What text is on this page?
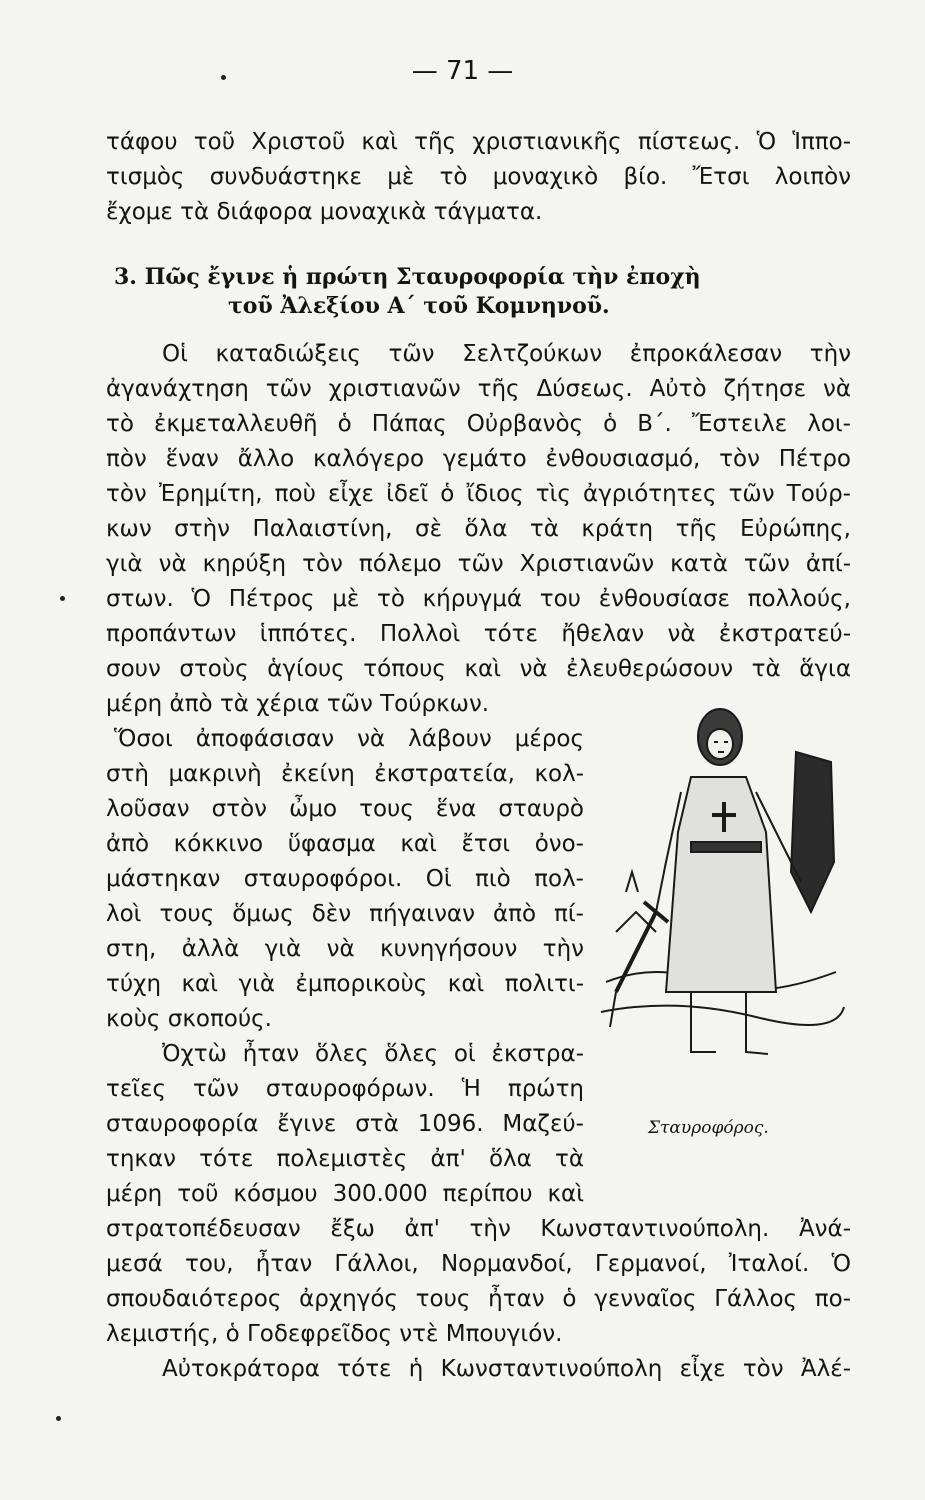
— 71 —
τάφου τοῦ Χριστοῦ καὶ τῆς χριστιανικῆς πίστεως. Ὁ Ἱππο-
τισμὸς συνδυάστηκε μὲ τὸ μοναχικὸ βίο. Ἔτσι λοιπὸν
ἔχομε τὰ διάφορα μοναχικὰ τάγματα.
3. Πῶς ἔγινε ἡ πρώτη Σταυροφορία τὴν ἐποχὴ
τοῦ Ἀλεξίου Α΄ τοῦ Κομνηνοῦ.
Οἱ καταδιώξεις τῶν Σελτζούκων ἐπροκάλεσαν τὴν
ἀγανάχτηση τῶν χριστιανῶν τῆς Δύσεως. Αὐτὸ ζήτησε νὰ
τὸ ἐκμεταλλευθῆ ὁ Πάπας Οὐρβανὸς ὁ Β΄. Ἔστειλε λοι-
πὸν ἕναν ἄλλο καλόγερο γεμάτο ἐνθουσιασμό, τὸν Πέτρο
τὸν Ἐρημίτη, ποὺ εἶχε ἰδεῖ ὁ ἴδιος τὶς ἀγριότητες τῶν Τούρ-
κων στὴν Παλαιστίνη, σὲ ὅλα τὰ κράτη τῆς Εὐρώπης,
γιὰ νὰ κηρύξη τὸν πόλεμο τῶν Χριστιανῶν κατὰ τῶν ἀπί-
στων. Ὁ Πέτρος μὲ τὸ κήρυγμά του ἐνθουσίασε πολλούς,
προπάντων ἱππότες. Πολλοὶ τότε ἤθελαν νὰ ἐκστρατεύ-
σουν στοὺς ἁγίους τόπους καὶ νὰ ἐλευθερώσουν τὰ ἅγια
μέρη ἀπὸ τὰ χέρια τῶν Τούρκων.
Ὅσοι ἀποφάσισαν νὰ λάβουν μέρος
στὴ μακρινὴ ἐκείνη ἐκστρατεία, κολ-
λοῦσαν στὸν ὦμο τους ἕνα σταυρὸ
ἀπὸ κόκκινο ὕφασμα καὶ ἔτσι ὀνο-
μάστηκαν σταυροφόροι. Οἱ πιὸ πολ-
λοὶ τους ὅμως δὲν πήγαιναν ἀπὸ πί-
στη, ἀλλὰ γιὰ νὰ κυνηγήσουν τὴν
τύχη καὶ γιὰ ἐμπορικοὺς καὶ πολιτι-
κοὺς σκοπούς.
Ὀχτὼ ἦταν ὅλες ὅλες οἱ ἐκστρα-
τεῖες τῶν σταυροφόρων. Ἡ πρώτη
σταυροφορία ἔγινε στὰ 1096. Μαζεύ-
τηκαν τότε πολεμιστὲς ἀπ' ὅλα τὰ
μέρη τοῦ κόσμου 300.000 περίπου καὶ
στρατοπέδευσαν ἔξω ἀπ' τὴν Κωνσταντινούπολη. Ἀνά-
μεσά του, ἦταν Γάλλοι, Νορμανδοί, Γερμανοί, Ἰταλοί. Ὁ
σπουδαιότερος ἀρχηγός τους ἦταν ὁ γενναῖος Γάλλος πο-
λεμιστής, ὁ Γοδεφρεῖδος ντὲ Μπουγιόν.
Αὐτοκράτορα τότε ἡ Κωνσταντινούπολη εἶχε τὸν Ἀλέ-
Σταυροφόρος.
